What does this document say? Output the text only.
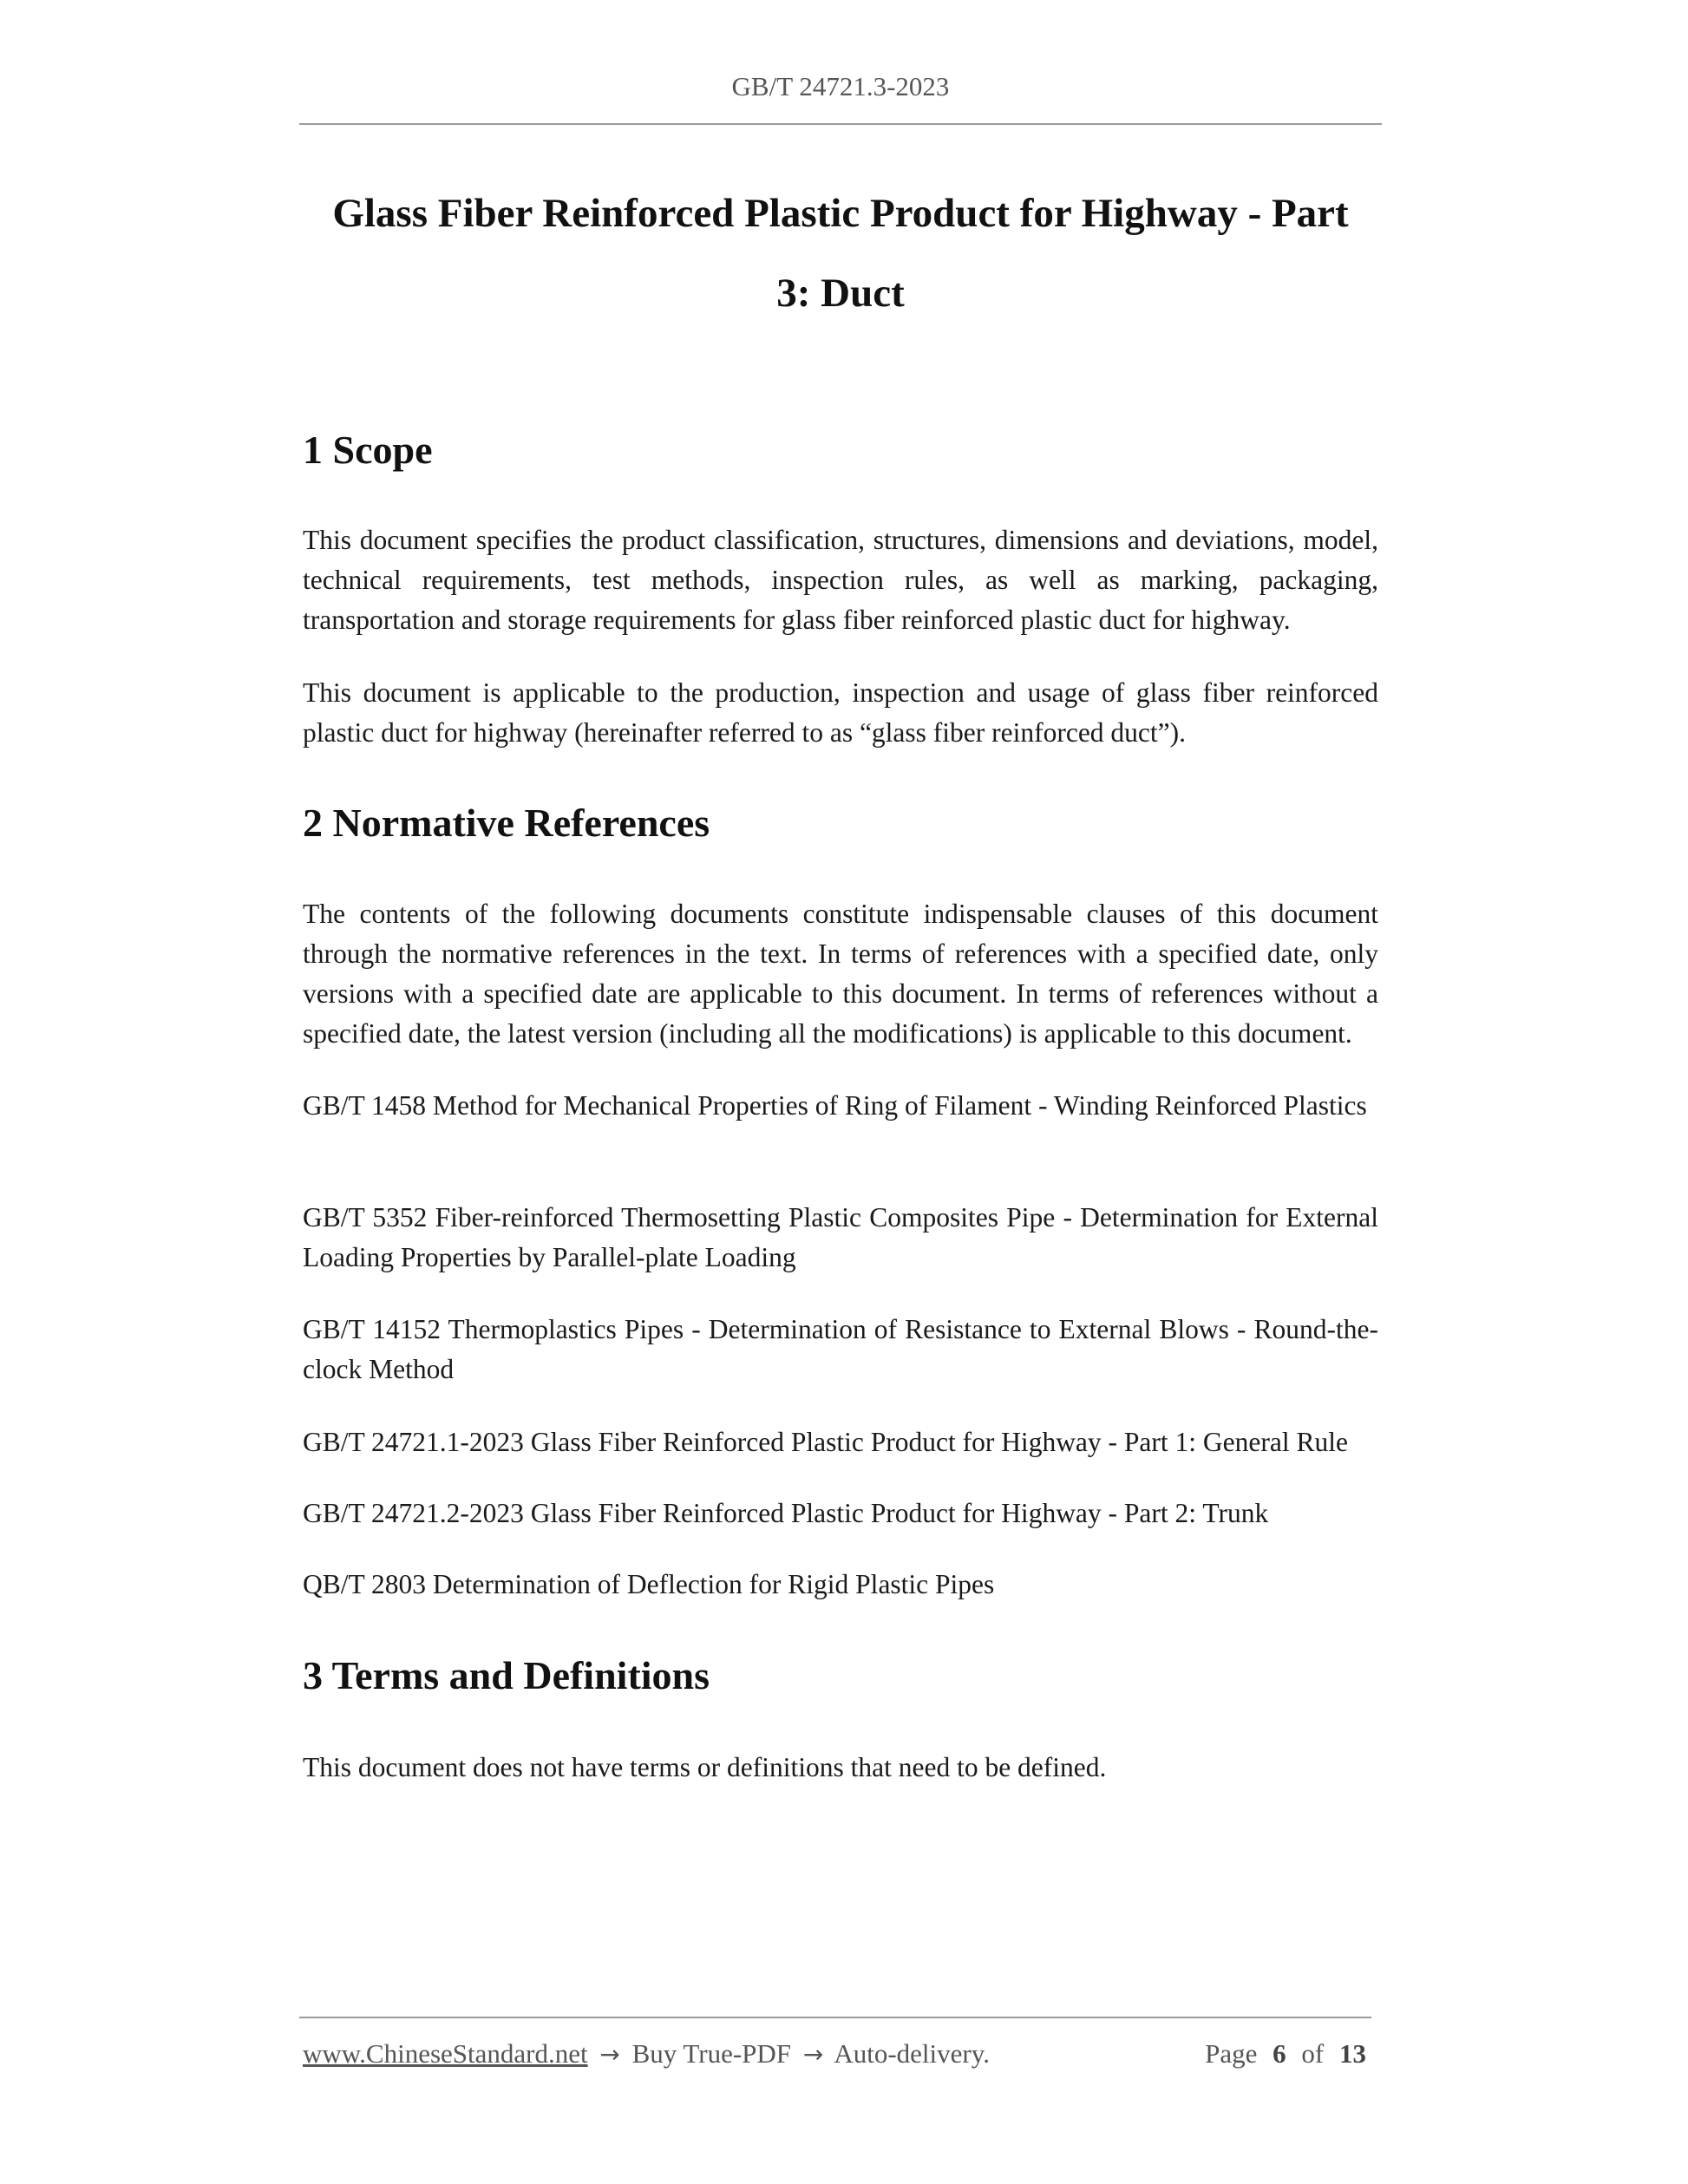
GB/T 24721.3-2023
Glass Fiber Reinforced Plastic Product for Highway - Part
3: Duct
1 Scope

This document specifies the product classification, structures, dimensions and deviations, model, technical requirements, test methods, inspection rules, as well as marking, packaging, transportation and storage requirements for glass fiber reinforced plastic duct for highway.

This document is applicable to the production, inspection and usage of glass fiber reinforced plastic duct for highway (hereinafter referred to as “glass fiber reinforced duct”).

2 Normative References

The contents of the following documents constitute indispensable clauses of this document through the normative references in the text. In terms of references with a specified date, only versions with a specified date are applicable to this document. In terms of references without a specified date, the latest version (including all the modifications) is applicable to this document.

GB/T 1458 Method for Mechanical Properties of Ring of Filament - Winding Reinforced Plastics

GB/T 5352 Fiber-reinforced Thermosetting Plastic Composites Pipe - Determination for External Loading Properties by Parallel-plate Loading

GB/T 14152 Thermoplastics Pipes - Determination of Resistance to External Blows - Round-the-clock Method

GB/T 24721.1-2023 Glass Fiber Reinforced Plastic Product for Highway - Part 1: General Rule

GB/T 24721.2-2023 Glass Fiber Reinforced Plastic Product for Highway - Part 2: Trunk

QB/T 2803 Determination of Deflection for Rigid Plastic Pipes

3 Terms and Definitions

This document does not have terms or definitions that need to be defined.

www.ChineseStandard.net → Buy True-PDF → Auto-delivery.	Page 6 of 13
